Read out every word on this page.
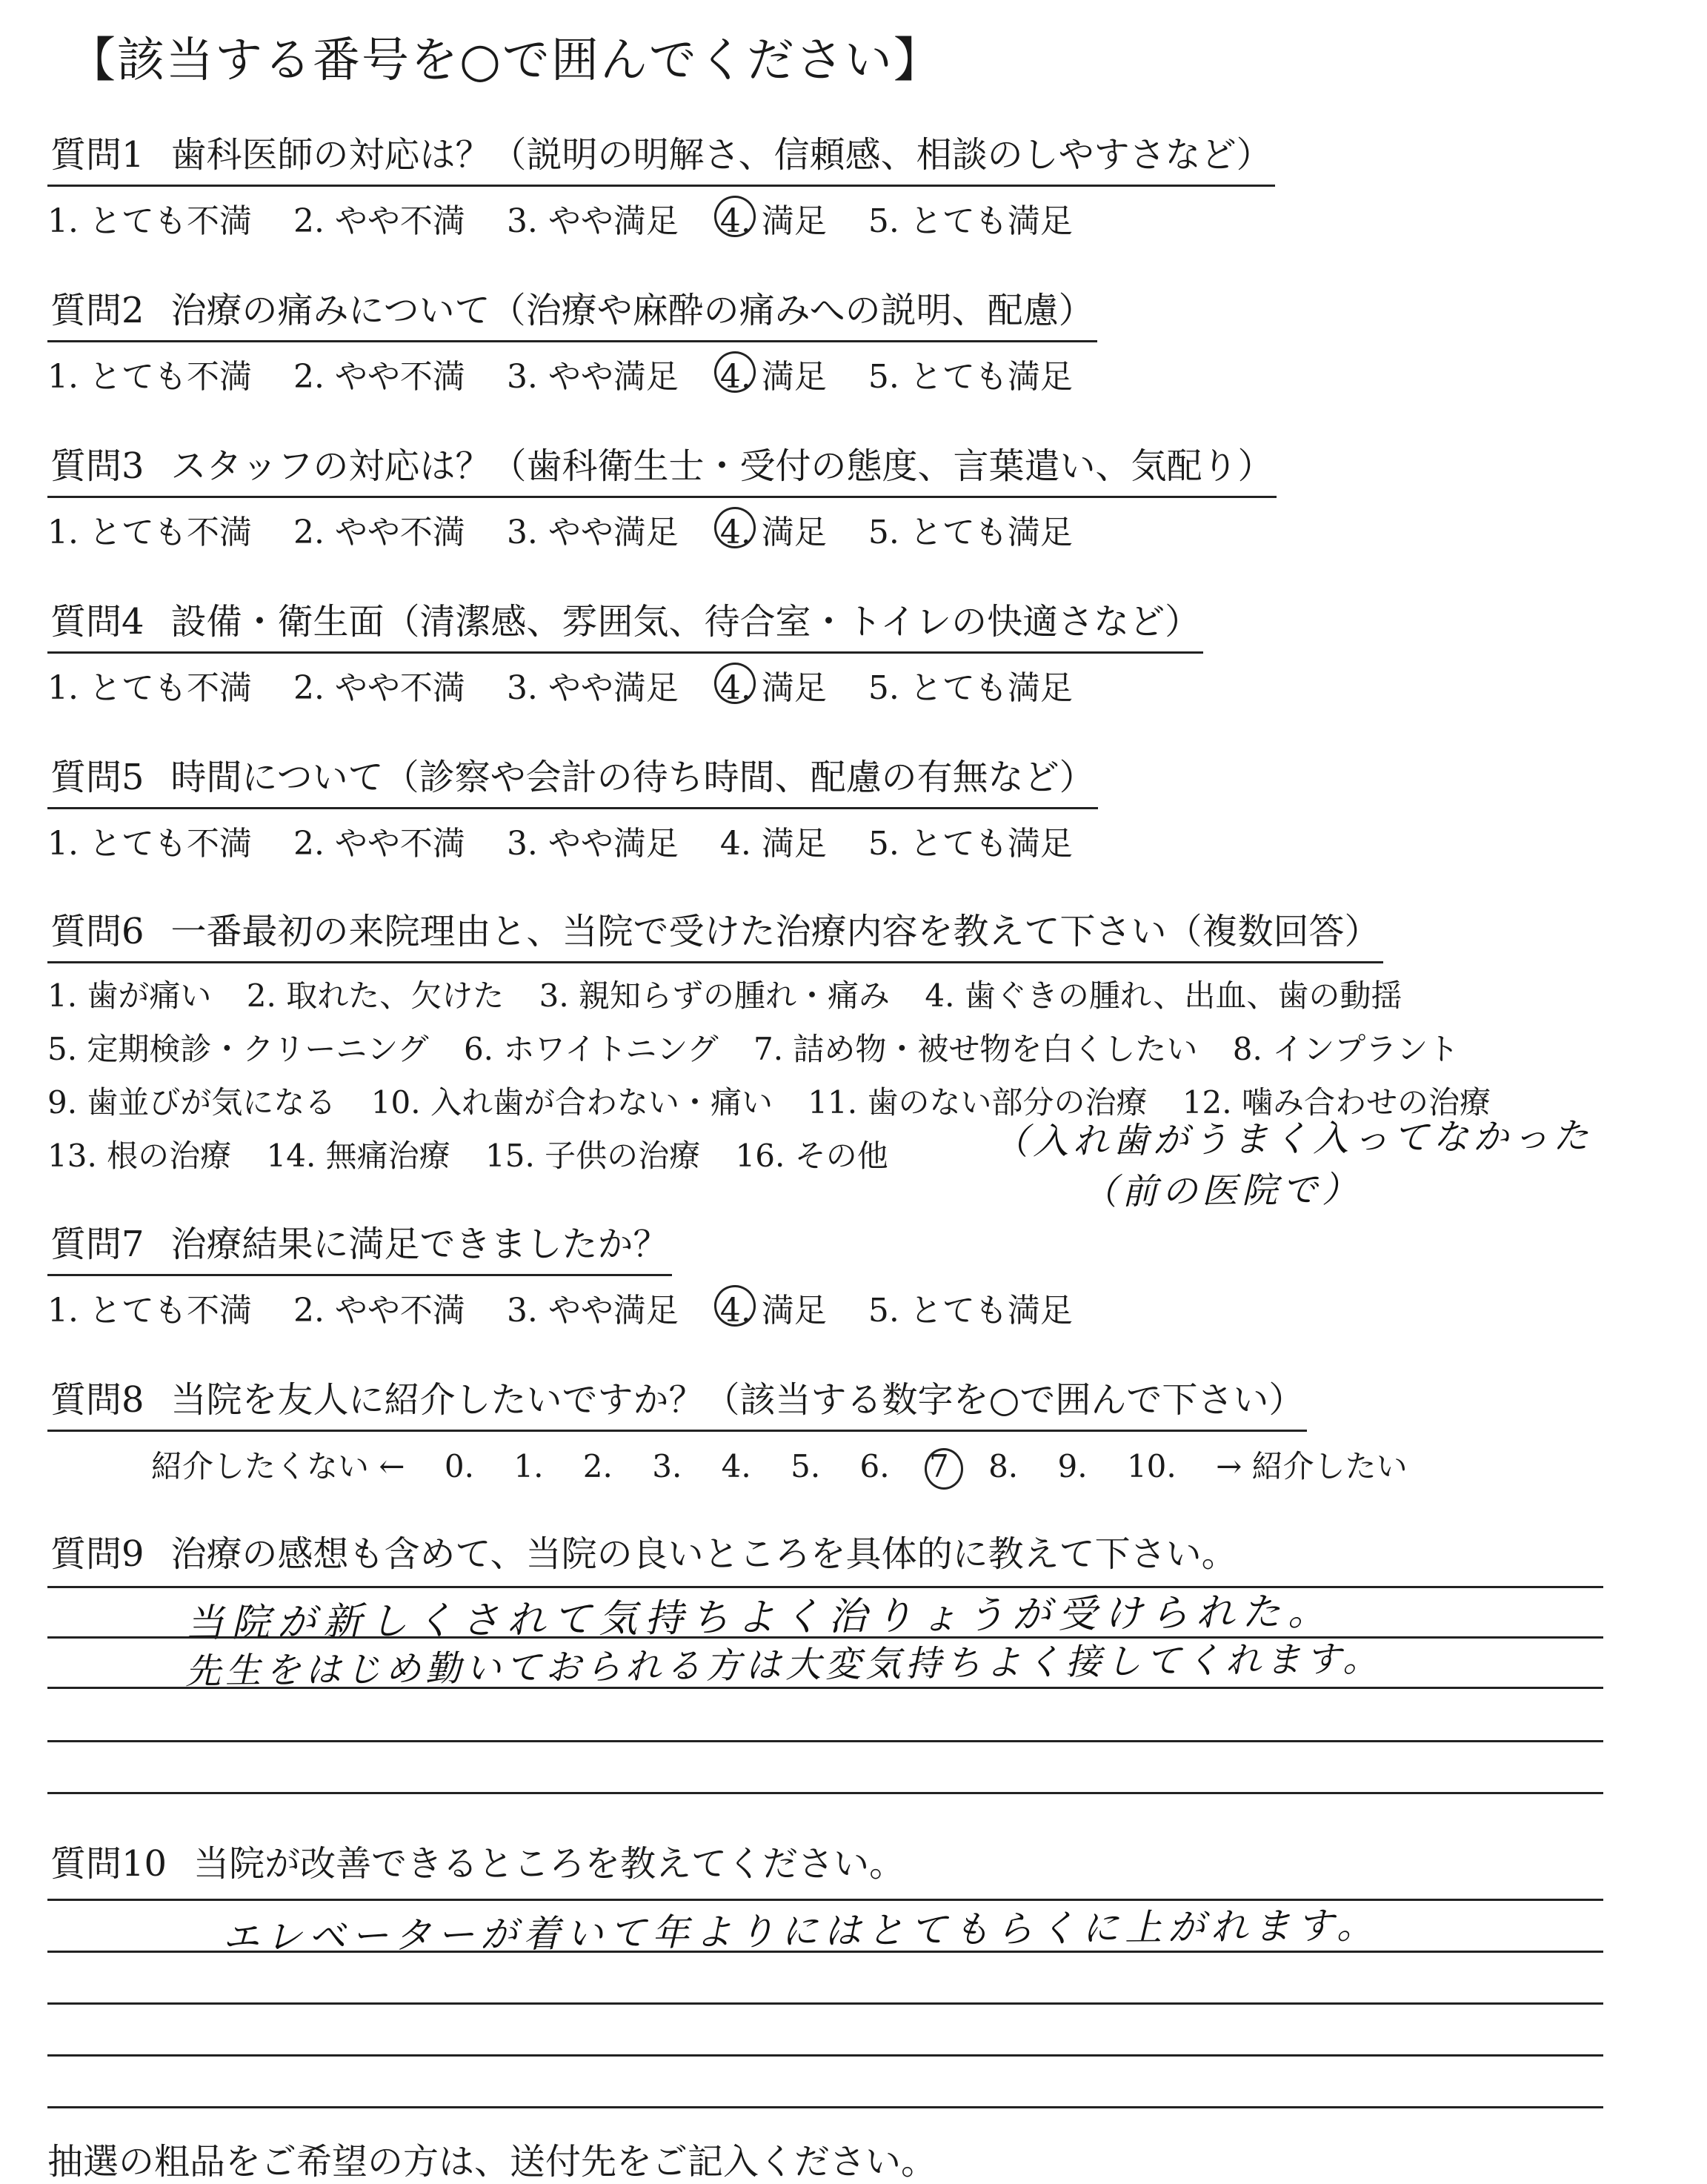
【該当する番号を○で囲んでください】
質問1 歯科医師の対応は？（説明の明解さ、信頼感、相談のしやすさなど）
1. とても不満 2. やや不満 3. やや満足 4. 満足 5. とても満足
質問2 治療の痛みについて（治療や麻酔の痛みへの説明、配慮）
1. とても不満 2. やや不満 3. やや満足 4. 満足 5. とても満足
質問3 スタッフの対応は？（歯科衛生士・受付の態度、言葉遣い、気配り）
1. とても不満 2. やや不満 3. やや満足 4. 満足 5. とても満足
質問4 設備・衛生面（清潔感、雰囲気、待合室・トイレの快適さなど）
1. とても不満 2. やや不満 3. やや満足 4. 満足 5. とても満足
質問5 時間について（診察や会計の待ち時間、配慮の有無など）
1. とても不満 2. やや不満 3. やや満足 4. 満足 5. とても満足
質問6 一番最初の来院理由と、当院で受けた治療内容を教えて下さい（複数回答）
1. 歯が痛い 2. 取れた、欠けた 3. 親知らずの腫れ・痛み 4. 歯ぐきの腫れ、出血、歯の動揺
5. 定期検診・クリーニング 6. ホワイトニング 7. 詰め物・被せ物を白くしたい 8. インプラント
9. 歯並びが気になる 10. 入れ歯が合わない・痛い 11. 歯のない部分の治療 12. 噛み合わせの治療
13. 根の治療 14. 無痛治療 15. 子供の治療 16. その他	（入れ歯がうまく入ってなかった
（前の医院で）
質問7 治療結果に満足できましたか？
1. とても不満 2. やや不満 3. やや満足 4. 満足 5. とても満足
質問8 当院を友人に紹介したいですか？（該当する数字を○で囲んで下さい）
紹介したくない ← 0. 1. 2. 3. 4. 5. 6. 7 8. 9. 10. → 紹介したい
質問9 治療の感想も含めて、当院の良いところを具体的に教えて下さい。
当院が新しくされて気持ちよく治りょうが受けられた。
先生をはじめ勤いておられる方は大変気持ちよく接してくれます。
質問10 当院が改善できるところを教えてください。
エレベーターが着いて年よりにはとてもらくに上がれます。
抽選の粗品をご希望の方は、送付先をご記入ください。
